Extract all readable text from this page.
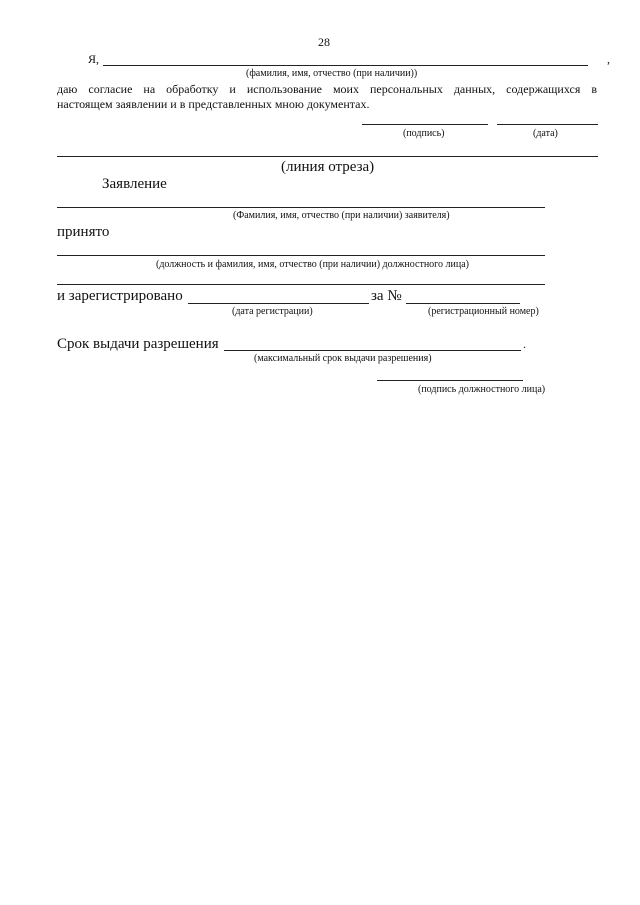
28
Я,	,
(фамилия, имя, отчество (при наличии))
даю согласие на обработку и использование моих персональных данных, содержащихся в
настоящем заявлении и в представленных мною документах.
(подпись)	(дата)
(линия отреза)
Заявление
(Фамилия, имя, отчество (при наличии) заявителя)
принято
(должность и фамилия, имя, отчество (при наличии) должностного лица)
и зарегистрировано	за №
(дата регистрации)	(регистрационный номер)
Срок выдачи разрешения	.
(максимальный срок выдачи разрешения)
(подпись должностного лица)
